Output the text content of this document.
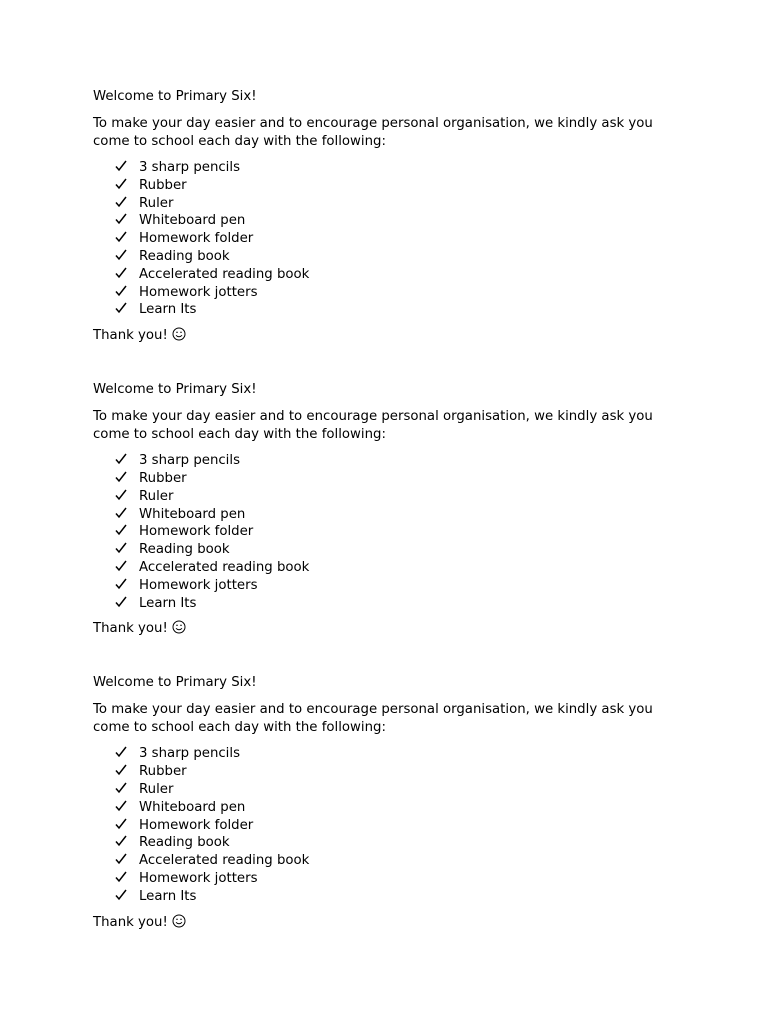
Welcome to Primary Six!

To make your day easier and to encourage personal organisation, we kindly ask you come to school each day with the following:

3 sharp pencils
Rubber
Ruler
Whiteboard pen
Homework folder
Reading book
Accelerated reading book
Homework jotters
Learn Its

Thank you!

Welcome to Primary Six!

To make your day easier and to encourage personal organisation, we kindly ask you come to school each day with the following:

3 sharp pencils
Rubber
Ruler
Whiteboard pen
Homework folder
Reading book
Accelerated reading book
Homework jotters
Learn Its

Thank you!

Welcome to Primary Six!

To make your day easier and to encourage personal organisation, we kindly ask you come to school each day with the following:

3 sharp pencils
Rubber
Ruler
Whiteboard pen
Homework folder
Reading book
Accelerated reading book
Homework jotters
Learn Its

Thank you!
